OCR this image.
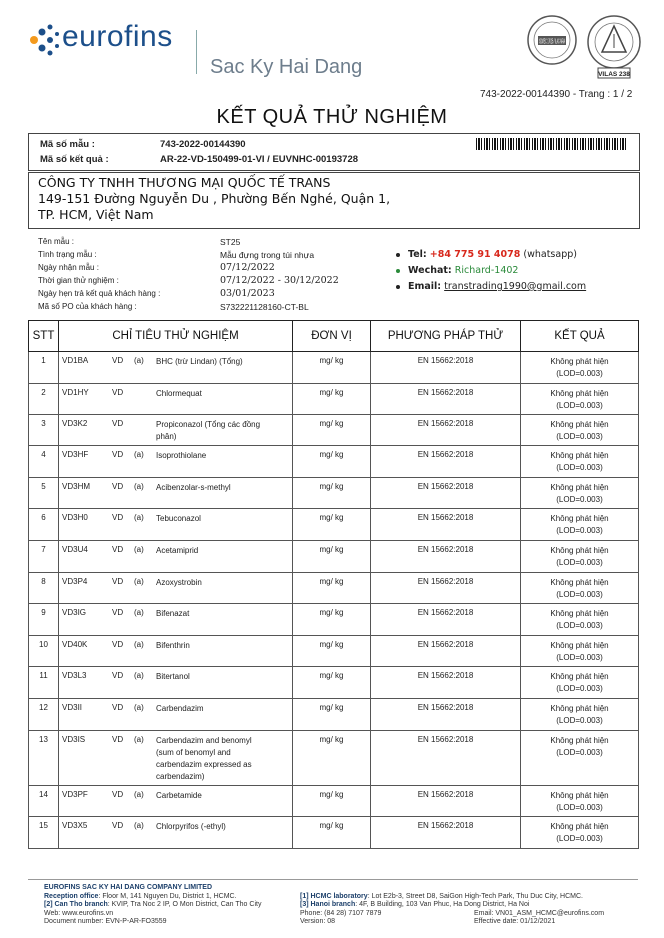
eurofins
Sac Ky Hai Dang
ISO/IEC 17025 / ILAC-MRA
VILAS 238
743-2022-00144390 - Trang : 1 / 2
KẾT QUẢ THỬ NGHIỆM
Mã số mẫu :	743-2022-00144390
Mã số kết quả :	AR-22-VD-150499-01-VI / EUVNHC-00193728
CÔNG TY TNHH THƯƠNG MẠI QUỐC TẾ TRANS
149-151 Đường Nguyễn Du , Phường Bến Nghé, Quận 1,
TP. HCM, Việt Nam
Tên mẫu :	ST25
Tình trạng mẫu :	Mẫu đựng trong túi nhựa
Ngày nhận mẫu :	07/12/2022
Thời gian thử nghiệm :	07/12/2022 - 30/12/2022
Ngày hẹn trả kết quả khách hàng :	03/01/2023
Mã số PO của khách hàng :	S732221128160-CT-BL
Tel: +84 775 91 4078 (whatsapp)
Wechat: Richard-1402
Email: transtrading1990@gmail.com
STT	CHỈ TIÊU THỬ NGHIỆM	ĐƠN VỊ	PHƯƠNG PHÁP THỬ	KẾT QUẢ
1	VD1BA VD (a) BHC (trừ Lindan) (Tổng)	mg/ kg	EN 15662:2018	Không phát hiện
(LOD=0.003)

2	VD1HY VD Chlormequat	mg/ kg	EN 15662:2018	Không phát hiện
(LOD=0.003)

3	VD3K2 VD Propiconazol (Tổng các đồng phân)	mg/ kg	EN 15662:2018	Không phát hiện
(LOD=0.003)

4	VD3HF VD (a) Isoprothiolane	mg/ kg	EN 15662:2018	Không phát hiện
(LOD=0.003)

5	VD3HM VD (a) Acibenzolar-s-methyl	mg/ kg	EN 15662:2018	Không phát hiện
(LOD=0.003)

6	VD3H0 VD (a) Tebuconazol	mg/ kg	EN 15662:2018	Không phát hiện
(LOD=0.003)

7	VD3U4 VD (a) Acetamiprid	mg/ kg	EN 15662:2018	Không phát hiện
(LOD=0.003)

8	VD3P4 VD (a) Azoxystrobin	mg/ kg	EN 15662:2018	Không phát hiện
(LOD=0.003)

9	VD3IG VD (a) Bifenazat	mg/ kg	EN 15662:2018	Không phát hiện
(LOD=0.003)

10	VD40K VD (a) Bifenthrin	mg/ kg	EN 15662:2018	Không phát hiện
(LOD=0.003)

11	VD3L3 VD (a) Bitertanol	mg/ kg	EN 15662:2018	Không phát hiện
(LOD=0.003)

12	VD3II VD (a) Carbendazim	mg/ kg	EN 15662:2018	Không phát hiện
(LOD=0.003)

13	VD3IS VD (a) Carbendazim and benomyl (sum of benomyl and carbendazim expressed as carbendazim)	mg/ kg	EN 15662:2018	Không phát hiện
(LOD=0.003)

14	VD3PF VD (a) Carbetamide	mg/ kg	EN 15662:2018	Không phát hiện
(LOD=0.003)

15	VD3X5 VD (a) Chlorpyrifos (-ethyl)	mg/ kg	EN 15662:2018	Không phát hiện
(LOD=0.003)
EUROFINS SAC KY HAI DANG COMPANY LIMITED
Reception office: Floor M, 141 Nguyen Du, District 1, HCMC.
[2] Can Tho branch: KVIP, Tra Noc 2 IP, O Mon District, Can Tho City
Web: www.eurofins.vn
Document number: EVN-P-AR-FO3559
[1] HCMC laboratory: Lot E2b-3, Street D8, SaiGon High-Tech Park, Thu Duc City, HCMC.
[3] Hanoi branch: 4F, B Building, 103 Van Phuc, Ha Dong District, Ha Noi
Phone: (84 28) 7107 7879	Email: VN01_ASM_HCMC@eurofins.com
Version: 08	Effective date: 01/12/2021
